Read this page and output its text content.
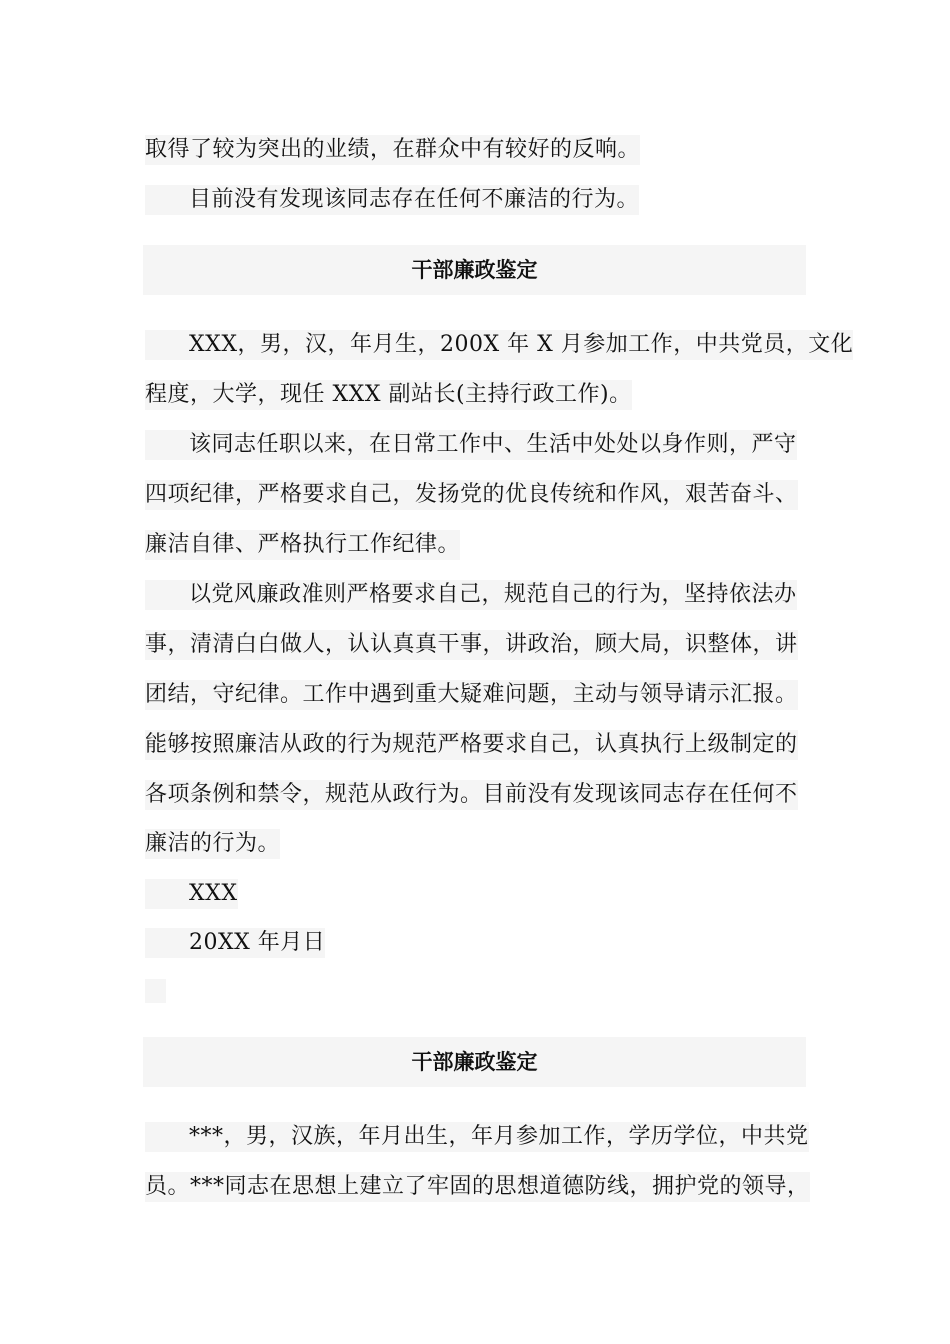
取得了较为突出的业绩，在群众中有较好的反响。
目前没有发现该同志存在任何不廉洁的行为。
干部廉政鉴定
XXX，男，汉，年月生，200X 年 X 月参加工作，中共党员，文化
程度，大学，现任 XXX 副站长(主持行政工作)。
该同志任职以来，在日常工作中、生活中处处以身作则，严守
四项纪律，严格要求自己，发扬党的优良传统和作风，艰苦奋斗、
廉洁自律、严格执行工作纪律。
以党风廉政准则严格要求自己，规范自己的行为，坚持依法办
事，清清白白做人，认认真真干事，讲政治，顾大局，识整体，讲
团结，守纪律。工作中遇到重大疑难问题，主动与领导请示汇报。
能够按照廉洁从政的行为规范严格要求自己，认真执行上级制定的
各项条例和禁令，规范从政行为。目前没有发现该同志存在任何不
廉洁的行为。
XXX
20XX 年月日
干部廉政鉴定
***，男，汉族，年月出生，年月参加工作，学历学位，中共党
员。***同志在思想上建立了牢固的思想道德防线，拥护党的领导，
